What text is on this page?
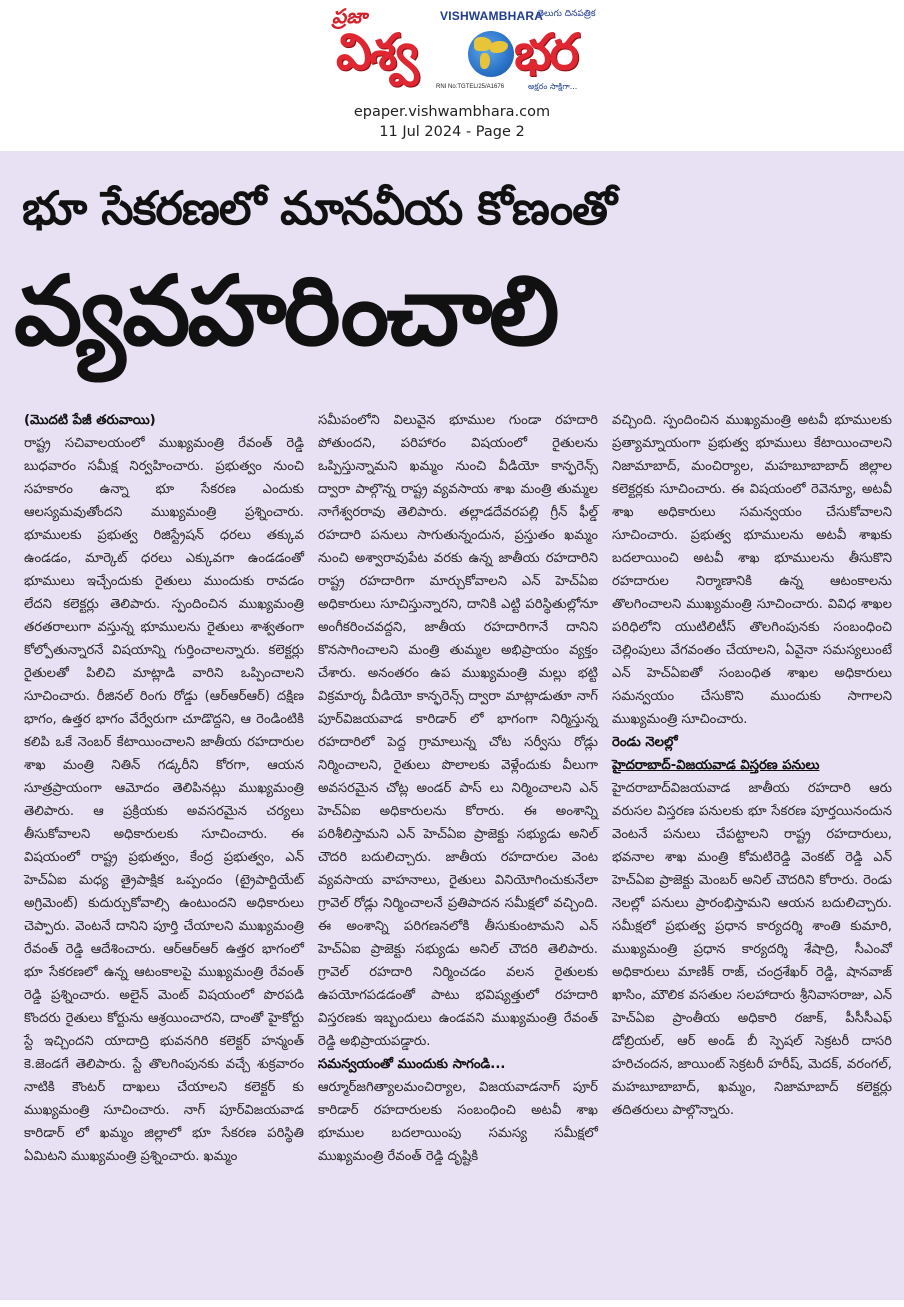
ప్రజా	VISHWAMBHARA
తెలుగు దినపత్రిక
విశ్వ భర
RNI No:TGTEL/25/A1676	అక్షరం సాక్షిగా...
epaper.vishwambhara.com
11 Jul 2024 - Page 2
భూ సేకరణలో మానవీయ కోణంతో
వ్యవహరించాలి

(మొదటి పేజీ తరువాయి)

రాష్ట్ర సచివాలయంలో ముఖ్యమంత్రి రేవంత్ రెడ్డి బుధవారం సమీక్ష నిర్వహించారు. ప్రభుత్వం నుంచి సహకారం ఉన్నా భూ సేకరణ ఎందుకు ఆలస్యమవుతోందని ముఖ్యమంత్రి ప్రశ్నించారు. భూములకు ప్రభుత్వ రిజిస్ట్రేషన్ ధరలు తక్కువ ఉండడం, మార్కెట్ ధరలు ఎక్కువగా ఉండడంతో భూములు ఇచ్చేందుకు రైతులు ముందుకు రావడం లేదని కలెక్టర్లు తెలిపారు. స్పందించిన ముఖ్యమంత్రి తరతరాలుగా వస్తున్న భూములను రైతులు శాశ్వతంగా కోల్పోతున్నారనే విషయాన్ని గుర్తించాలన్నారు. కలెక్టర్లు రైతులతో పిలిచి మాట్లాడి వారిని ఒప్పించాలని సూచించారు. రీజినల్ రింగు రోడ్డు (ఆర్ఆర్ఆర్) దక్షిణ భాగం, ఉత్తర భాగం వేర్వేరుగా చూడొద్దని, ఆ రెండింటికి కలిపి ఒకే నెంబర్ కేటాయించాలని జాతీయ రహదారుల శాఖ మంత్రి నితిన్ గడ్కరీని కోరగా, ఆయన సూత్రప్రాయంగా ఆమోదం తెలిపినట్లు ముఖ్యమంత్రి తెలిపారు. ఆ ప్రక్రియకు అవసరమైన చర్యలు తీసుకోవాలని అధికారులకు సూచించారు. ఈ విషయంలో రాష్ట్ర ప్రభుత్వం, కేంద్ర ప్రభుత్వం, ఎన్ హెచ్ఏఐ మధ్య త్రైపాక్షిక ఒప్పందం (ట్రైపార్టియేట్ అగ్రిమెంట్) కుదుర్చుకోవాల్సి ఉంటుందని అధికారులు చెప్పారు. వెంటనే దానిని పూర్తి చేయాలని ముఖ్యమంత్రి రేవంత్ రెడ్డి ఆదేశించారు. ఆర్ఆర్ఆర్ ఉత్తర భాగంలో భూ సేకరణలో ఉన్న ఆటంకాలపై ముఖ్యమంత్రి రేవంత్ రెడ్డి ప్రశ్నించారు. అలైన్ మెంట్ విషయంలో పొరపడి కొందరు రైతులు కోర్టును ఆశ్రయించారని, దాంతో హైకోర్టు స్టే ఇచ్చిందని యాదాద్రి భువనగిరి కలెక్టర్ హన్మంత్ కె.జెండగే తెలిపారు. స్టే తొలగింపునకు వచ్చే శుక్రవారం నాటికి కౌంటర్ దాఖలు చేయాలని కలెక్టర్ కు ముఖ్యమంత్రి సూచించారు. నాగ్ పూర్‌విజయవాడ కారిడార్ లో ఖమ్మం జిల్లాలో భూ సేకరణ పరిస్థితి ఏమిటని ముఖ్యమంత్రి ప్రశ్నించారు. ఖమ్మం

సమీపంలోని విలువైన భూముల గుండా రహదారి పోతుందని, పరిహారం విషయంలో రైతులను ఒప్పిస్తున్నామని ఖమ్మం నుంచి వీడియో కాన్ఫరెన్స్ ద్వారా పాల్గొన్న రాష్ట్ర వ్యవసాయ శాఖ మంత్రి తుమ్మల నాగేశ్వరరావు తెలిపారు. తల్లాడదేవరపల్లి గ్రీన్ ఫీల్డ్ రహదారి పనులు సాగుతున్నందున, ప్రస్తుతం ఖమ్మం నుంచి అశ్వారావుపేట వరకు ఉన్న జాతీయ రహదారిని రాష్ట్ర రహదారిగా మార్చుకోవాలని ఎన్ హెచ్ఏఐ అధికారులు సూచిస్తున్నారని, దానికి ఎట్టి పరిస్థితుల్లోనూ అంగీకరించవద్దని, జాతీయ రహదారిగానే దానిని కొనసాగించాలని మంత్రి తుమ్మల అభిప్రాయం వ్యక్తం చేశారు. అనంతరం ఉప ముఖ్యమంత్రి మల్లు భట్టి విక్రమార్క వీడియో కాన్ఫరెన్స్ ద్వారా మాట్లాడుతూ నాగ్ పూర్‌విజయవాడ కారిడార్ లో భాగంగా నిర్మిస్తున్న రహదారిలో పెద్ద గ్రామాలున్న చోట సర్వీసు రోడ్లు నిర్మించాలని, రైతులు పొలాలకు వెళ్లేందుకు వీలుగా అవసరమైన చోట్ల అండర్ పాస్ లు నిర్మించాలని ఎన్ హెచ్ఏఐ అధికారులను కోరారు. ఈ అంశాన్ని పరిశీలిస్తామని ఎన్ హెచ్ఏఐ ప్రాజెక్టు సభ్యుడు అనిల్ చౌదరి బదులిచ్చారు. జాతీయ రహదారుల వెంట వ్యవసాయ వాహనాలు, రైతులు వినియోగించుకునేలా గ్రావెల్ రోడ్లు నిర్మించాలనే ప్రతిపాదన సమీక్షలో వచ్చింది. ఈ అంశాన్ని పరిగణనలోకి తీసుకుంటామని ఎన్ హెచ్ఏఐ ప్రాజెక్టు సభ్యుడు అనిల్ చౌదరి తెలిపారు. గ్రావెల్ రహదారి నిర్మించడం వలన రైతులకు ఉపయోగపడడంతో పాటు భవిష్యత్తులో రహదారి విస్తరణకు ఇబ్బందులు ఉండవని ముఖ్యమంత్రి రేవంత్ రెడ్డి అభిప్రాయపడ్డారు.

సమన్వయంతో ముందుకు సాగండి...

ఆర్మూర్‌జగిత్యాలమంచిర్యాల, విజయవాడనాగ్ పూర్ కారిడార్ రహదారులకు సంబంధించి అటవీ శాఖ భూముల బదలాయింపు సమస్య సమీక్షలో ముఖ్యమంత్రి రేవంత్ రెడ్డి దృష్టికి

వచ్చింది. స్పందించిన ముఖ్యమంత్రి అటవీ భూములకు ప్రత్యామ్నాయంగా ప్రభుత్వ భూములు కేటాయించాలని నిజామాబాద్, మంచిర్యాల, మహబూబాబాద్ జిల్లాల కలెక్టర్లకు సూచించారు. ఈ విషయంలో రెవెన్యూ, అటవీ శాఖ అధికారులు సమన్వయం చేసుకోవాలని సూచించారు. ప్రభుత్వ భూములను అటవీ శాఖకు బదలాయించి అటవీ శాఖ భూములను తీసుకొని రహదారుల నిర్మాణానికి ఉన్న ఆటంకాలను తొలగించాలని ముఖ్యమంత్రి సూచించారు. వివిధ శాఖల పరిధిలోని యుటిలిటీస్ తొలగింపునకు సంబంధించి చెల్లింపులు వేగవంతం చేయాలని, ఏవైనా సమస్యలుంటే ఎన్ హెచ్ఏఐతో సంబంధిత శాఖల అధికారులు సమన్వయం చేసుకొని ముందుకు సాగాలని ముఖ్యమంత్రి సూచించారు.

రెండు నెలల్లో

హైదరాబాద్-విజయవాడ విస్తరణ పనులు

హైదరాబాద్‌విజయవాడ జాతీయ రహదారి ఆరు వరుసల విస్తరణ పనులకు భూ సేకరణ పూర్తయినందున వెంటనే పనులు చేపట్టాలని రాష్ట్ర రహదారులు, భవనాల శాఖ మంత్రి కోమటిరెడ్డి వెంకట్ రెడ్డి ఎన్ హెచ్ఏఐ ప్రాజెక్టు మెంబర్ అనిల్ చౌదరిని కోరారు. రెండు నెలల్లో పనులు ప్రారంభిస్తామని ఆయన బదులిచ్చారు. సమీక్షలో ప్రభుత్వ ప్రధాన కార్యదర్శి శాంతి కుమారి, ముఖ్యమంత్రి ప్రధాన కార్యదర్శి శేషాద్రి, సీఎంవో అధికారులు మాణిక్ రాజ్, చంద్రశేఖర్ రెడ్డి, షానవాజ్ ఖాసిం, మౌలిక వసతుల సలహాదారు శ్రీనివాసరాజు, ఎన్ హెచ్ఏఐ ప్రాంతీయ అధికారి రజాక్, పీసీసీఎఫ్ డోబ్రియల్, ఆర్ అండ్ బీ స్పెషల్ సెక్రటరీ దాసరి హరిచందన, జాయింట్ సెక్రటరీ హరీష్, మెదక్, వరంగల్, మహబూబాబాద్, ఖమ్మం, నిజామాబాద్ కలెక్టర్లు తదితరులు పాల్గొన్నారు.
